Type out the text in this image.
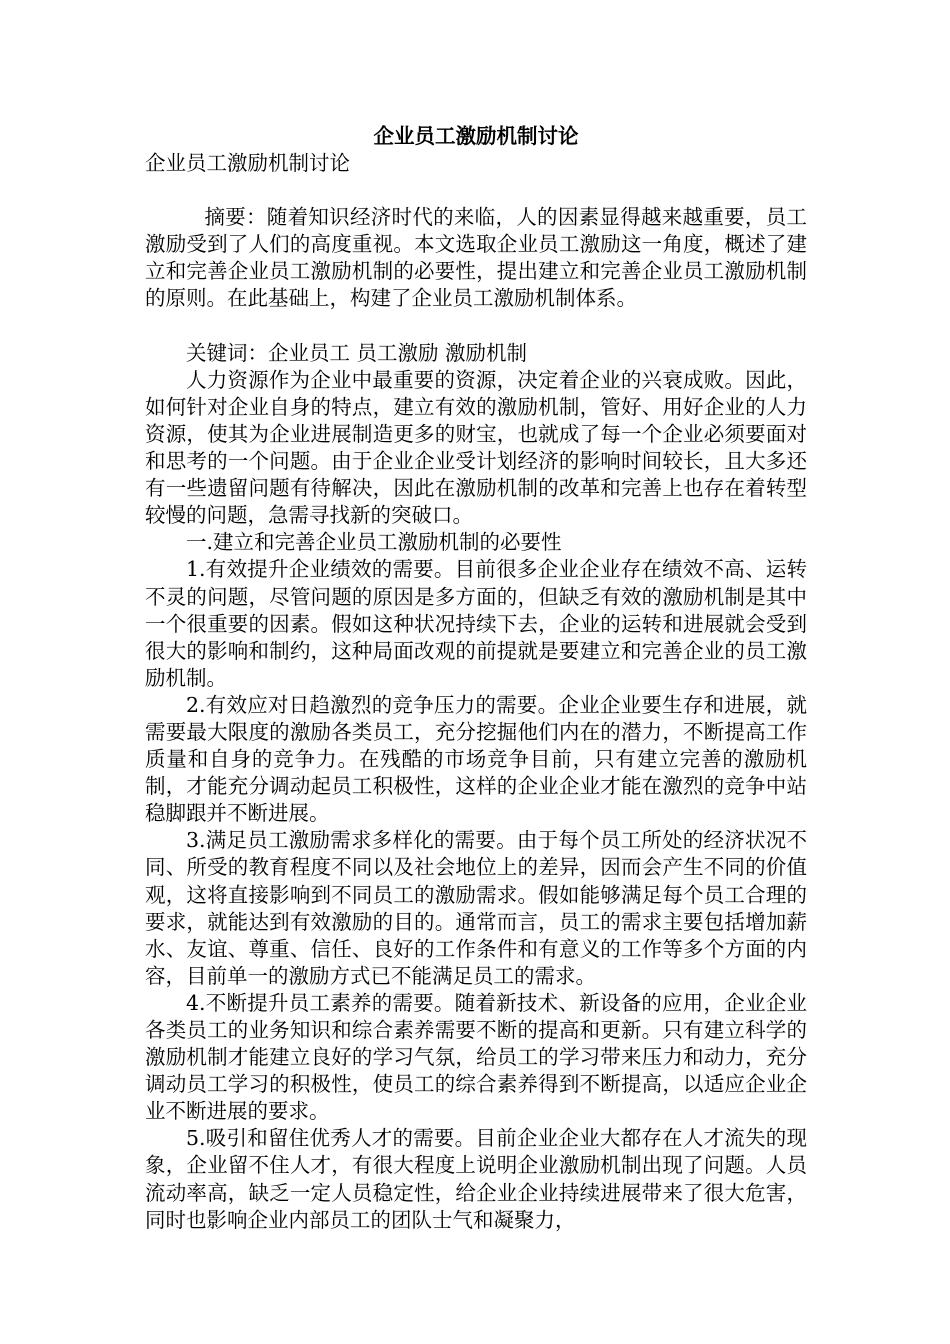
企业员工激励机制讨论

企业员工激励机制讨论

摘要：随着知识经济时代的来临，人的因素显得越来越重要，员工激励受到了人们的高度重视。本文选取企业员工激励这一角度，概述了建立和完善企业员工激励机制的必要性，提出建立和完善企业员工激励机制的原则。在此基础上，构建了企业员工激励机制体系。

关键词：企业员工 员工激励 激励机制

人力资源作为企业中最重要的资源，决定着企业的兴衰成败。因此，如何针对企业自身的特点，建立有效的激励机制，管好、用好企业的人力资源，使其为企业进展制造更多的财宝，也就成了每一个企业必须要面对和思考的一个问题。由于企业企业受计划经济的影响时间较长，且大多还有一些遗留问题有待解决，因此在激励机制的改革和完善上也存在着转型较慢的问题，急需寻找新的突破口。

一.建立和完善企业员工激励机制的必要性

1.有效提升企业绩效的需要。目前很多企业企业存在绩效不高、运转不灵的问题，尽管问题的原因是多方面的，但缺乏有效的激励机制是其中一个很重要的因素。假如这种状况持续下去，企业的运转和进展就会受到很大的影响和制约，这种局面改观的前提就是要建立和完善企业的员工激励机制。

2.有效应对日趋激烈的竞争压力的需要。企业企业要生存和进展，就需要最大限度的激励各类员工，充分挖掘他们内在的潜力，不断提高工作质量和自身的竞争力。在残酷的市场竞争目前，只有建立完善的激励机制，才能充分调动起员工积极性，这样的企业企业才能在激烈的竞争中站稳脚跟并不断进展。

3.满足员工激励需求多样化的需要。由于每个员工所处的经济状况不同、所受的教育程度不同以及社会地位上的差异，因而会产生不同的价值观，这将直接影响到不同员工的激励需求。假如能够满足每个员工合理的要求，就能达到有效激励的目的。通常而言，员工的需求主要包括增加薪水、友谊、尊重、信任、良好的工作条件和有意义的工作等多个方面的内容，目前单一的激励方式已不能满足员工的需求。

4.不断提升员工素养的需要。随着新技术、新设备的应用，企业企业各类员工的业务知识和综合素养需要不断的提高和更新。只有建立科学的激励机制才能建立良好的学习气氛，给员工的学习带来压力和动力，充分调动员工学习的积极性，使员工的综合素养得到不断提高，以适应企业企业不断进展的要求。

5.吸引和留住优秀人才的需要。目前企业企业大都存在人才流失的现象，企业留不住人才，有很大程度上说明企业激励机制出现了问题。人员流动率高，缺乏一定人员稳定性，给企业企业持续进展带来了很大危害，同时也影响企业内部员工的团队士气和凝聚力，
